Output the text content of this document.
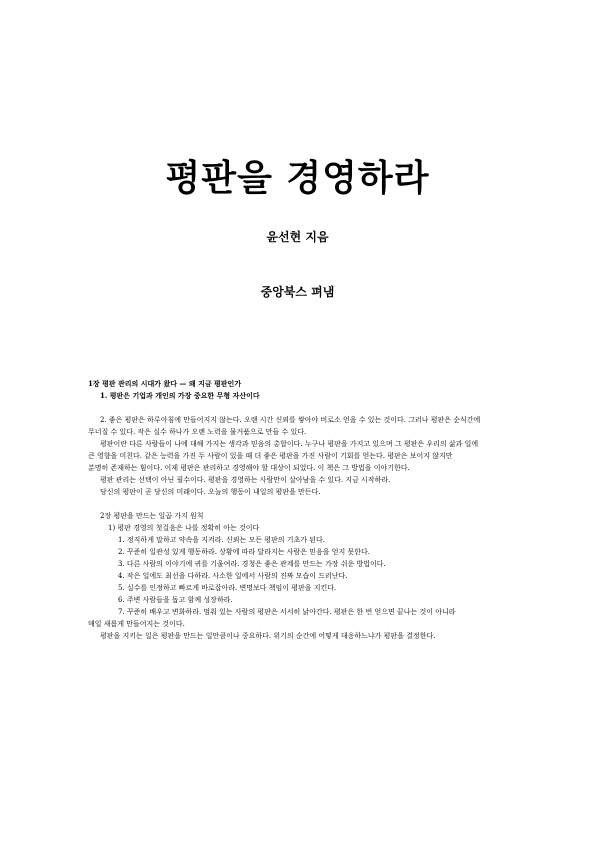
평판을 경영하라
윤선현 지음
중앙북스 펴냄
1장 평판 관리의 시대가 왔다 — 왜 지금 평판인가
1. 평판은 기업과 개인의 가장 중요한 무형 자산이다
2. 좋은 평판은 하루아침에 만들어지지 않는다. 오랜 시간 신뢰를 쌓아야 비로소 얻을 수 있는 것이다. 그러나 평판은 순식간에
무너질 수 있다. 작은 실수 하나가 오랜 노력을 물거품으로 만들 수 있다.
평판이란 다른 사람들이 나에 대해 가지는 생각과 믿음의 총합이다. 누구나 평판을 가지고 있으며 그 평판은 우리의 삶과 일에
큰 영향을 미친다. 같은 능력을 가진 두 사람이 있을 때 더 좋은 평판을 가진 사람이 기회를 얻는다. 평판은 보이지 않지만
분명히 존재하는 힘이다. 이제 평판은 관리하고 경영해야 할 대상이 되었다. 이 책은 그 방법을 이야기한다.
평판 관리는 선택이 아닌 필수이다. 평판을 경영하는 사람만이 살아남을 수 있다. 지금 시작하라.
당신의 평판이 곧 당신의 미래이다. 오늘의 행동이 내일의 평판을 만든다.
2장 평판을 만드는 일곱 가지 원칙
1) 평판 경영의 첫걸음은 나를 정확히 아는 것이다
1. 정직하게 말하고 약속을 지켜라. 신뢰는 모든 평판의 기초가 된다.
2. 꾸준히 일관성 있게 행동하라. 상황에 따라 달라지는 사람은 믿음을 얻지 못한다.
3. 다른 사람의 이야기에 귀를 기울여라. 경청은 좋은 관계를 만드는 가장 쉬운 방법이다.
4. 작은 일에도 최선을 다하라. 사소한 일에서 사람의 진짜 모습이 드러난다.
5. 실수를 인정하고 빠르게 바로잡아라. 변명보다 책임이 평판을 지킨다.
6. 주변 사람들을 돕고 함께 성장하라.
7. 꾸준히 배우고 변화하라. 멈춰 있는 사람의 평판은 서서히 낡아간다. 평판은 한 번 얻으면 끝나는 것이 아니라
매일 새롭게 만들어지는 것이다.
평판을 지키는 일은 평판을 만드는 일만큼이나 중요하다. 위기의 순간에 어떻게 대응하느냐가 평판을 결정한다.
